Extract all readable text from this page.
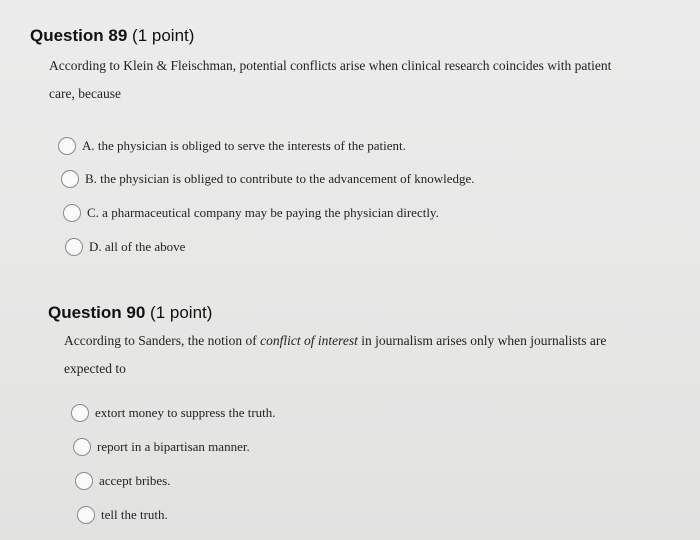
Question 89 (1 point)
According to Klein & Fleischman, potential conflicts arise when clinical research coincides with patient
care, because
A. the physician is obliged to serve the interests of the patient.
B. the physician is obliged to contribute to the advancement of knowledge.
C. a pharmaceutical company may be paying the physician directly.
D. all of the above
Question 90 (1 point)
According to Sanders, the notion of conflict of interest in journalism arises only when journalists are
expected to
extort money to suppress the truth.
report in a bipartisan manner.
accept bribes.
tell the truth.
